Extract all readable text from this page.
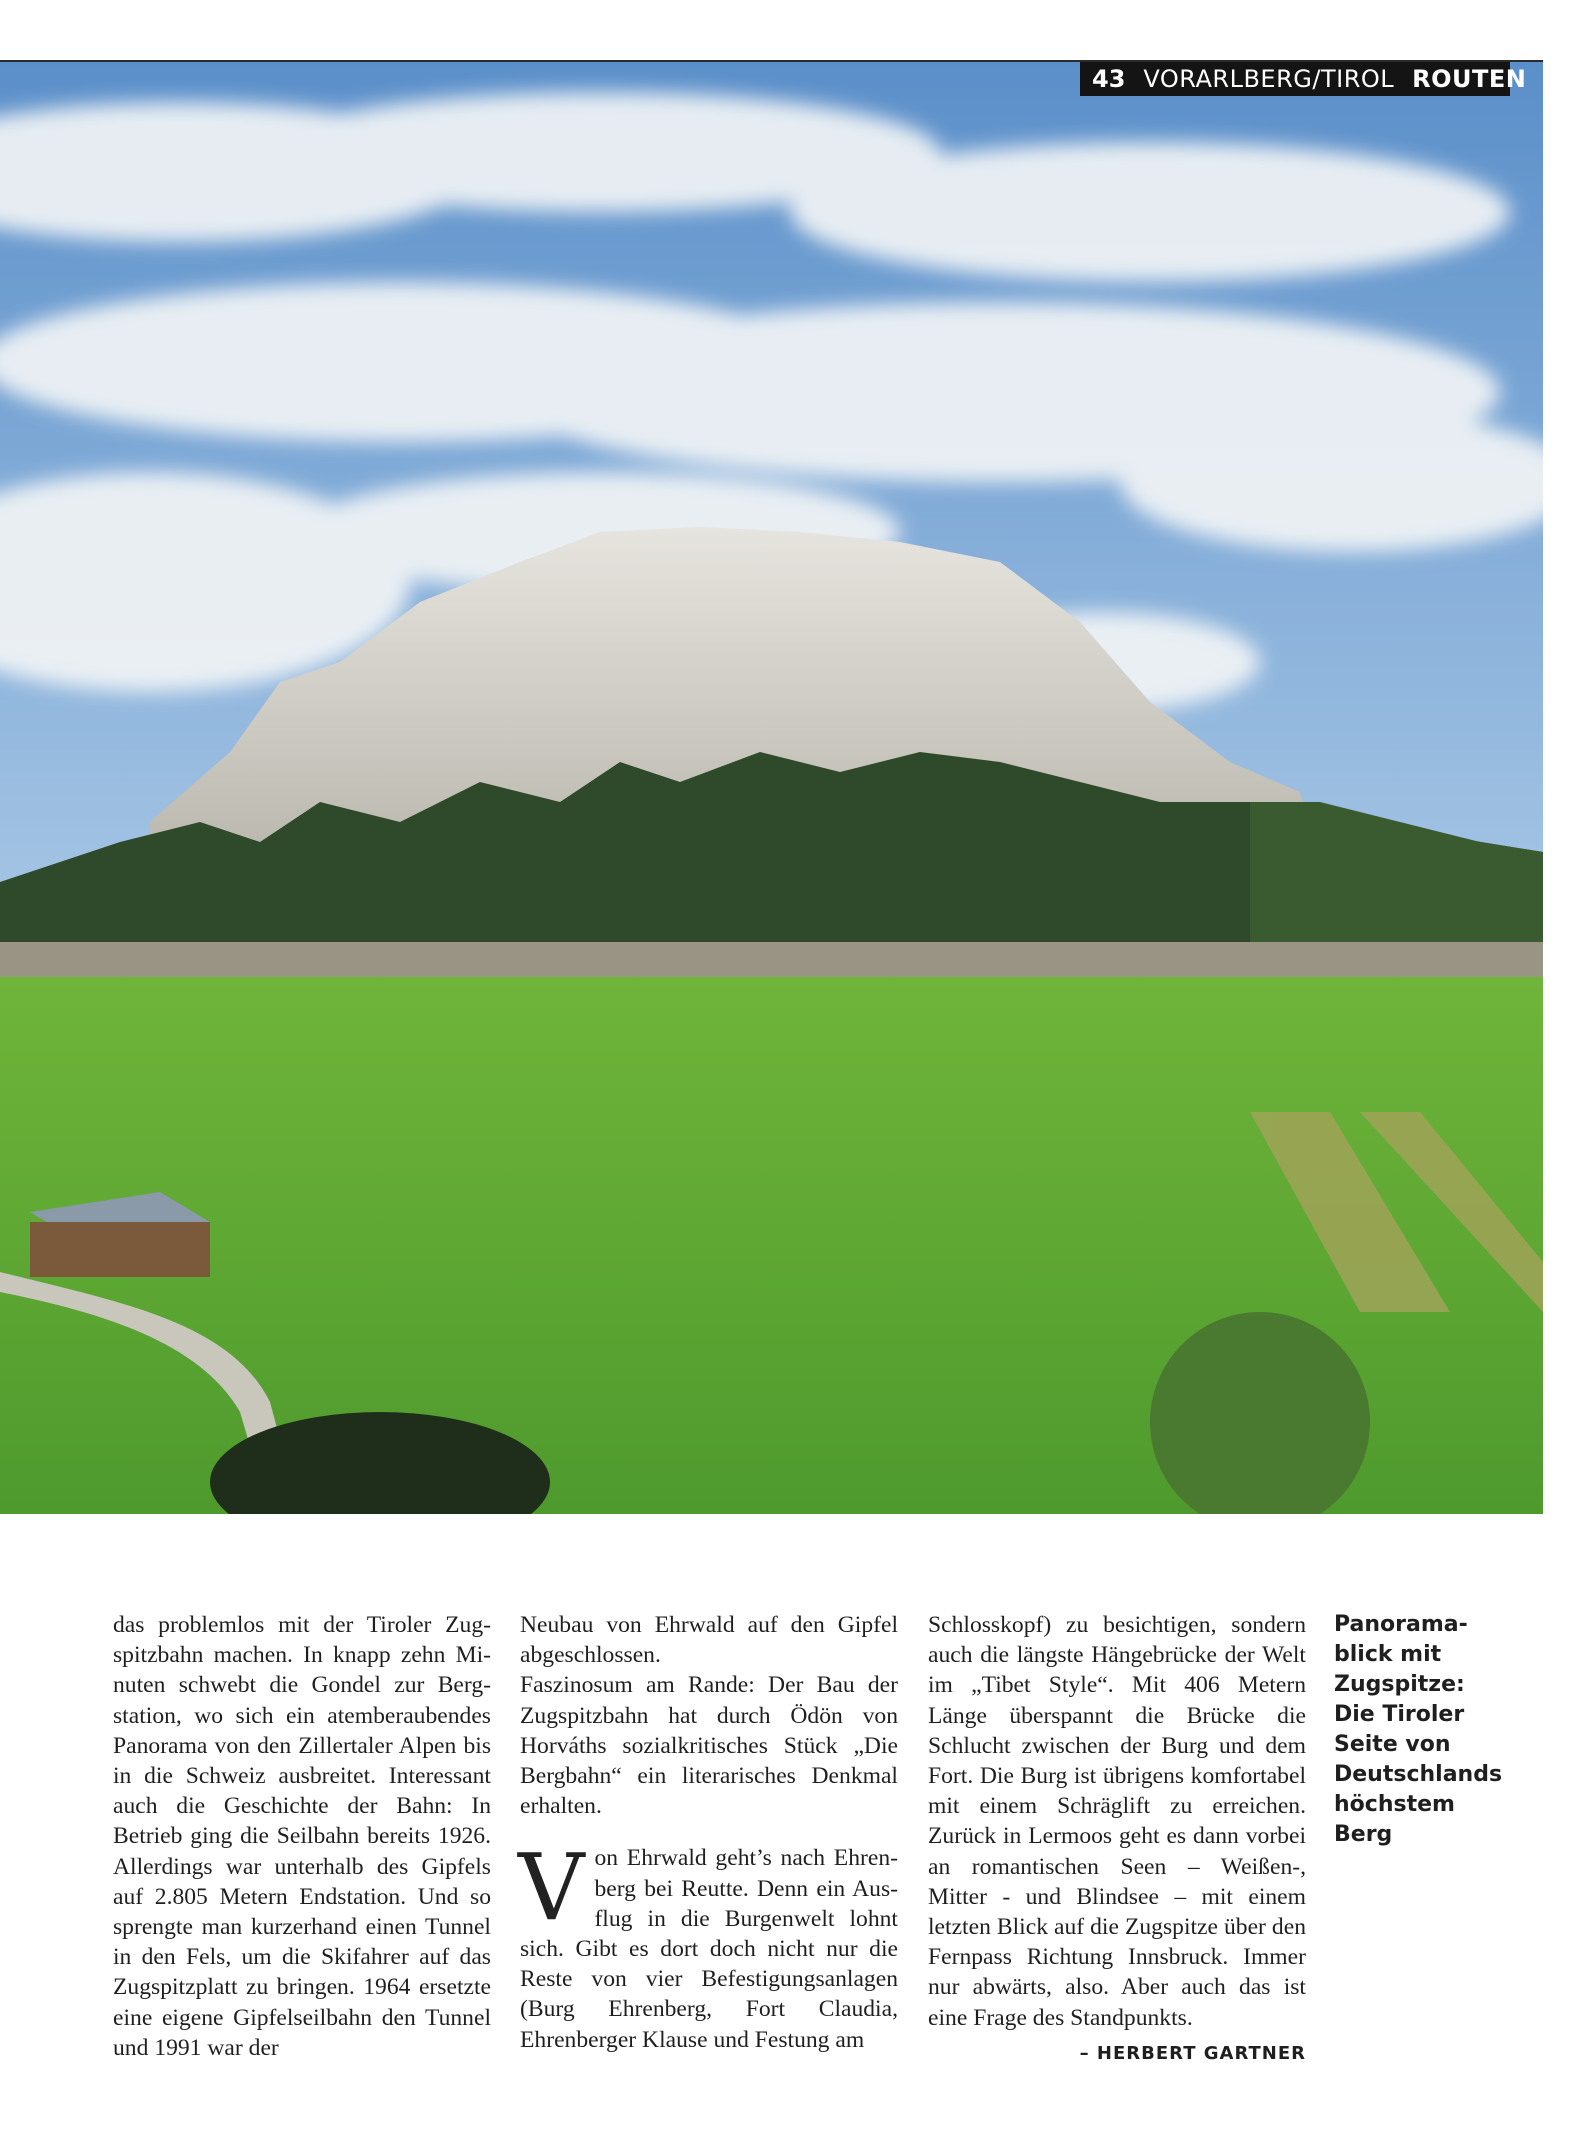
43 VORARLBERG/TIROL ROUTEN

das problemlos mit der Tiroler Zugspitzbahn machen. In knapp zehn Minuten schwebt die Gondel zur Bergstation, wo sich ein atemberaubendes Panorama von den Zillertaler Alpen bis in die Schweiz ausbreitet. Interessant auch die Geschichte der Bahn: In Betrieb ging die Seilbahn bereits 1926. Allerdings war unterhalb des Gipfels auf 2.805 Metern Endstation. Und so sprengte man kurzerhand einen Tunnel in den Fels, um die Skifahrer auf das Zugspitzplatt zu bringen. 1964 ersetzte eine eigene Gipfelseilbahn den Tunnel und 1991 war der

Neubau von Ehrwald auf den Gipfel abgeschlossen.

Faszinosum am Rande: Der Bau der Zugspitzbahn hat durch Ödön von Horváths sozialkritisches Stück „Die Bergbahn“ ein literarisches Denkmal erhalten.

Von Ehrwald geht’s nach Ehrenberg bei Reutte. Denn ein Ausflug in die Burgenwelt lohnt sich. Gibt es dort doch nicht nur die Reste von vier Befestigungsanlagen (Burg Ehrenberg, Fort Claudia, Ehrenberger Klause und Festung am

Schlosskopf) zu besichtigen, sondern auch die längste Hängebrücke der Welt im „Tibet Style“. Mit 406 Metern Länge überspannt die Brücke die Schlucht zwischen der Burg und dem Fort. Die Burg ist übrigens komfortabel mit einem Schräglift zu erreichen. Zurück in Lermoos geht es dann vorbei an romantischen Seen – Weißen-, Mitter - und Blindsee – mit einem letzten Blick auf die Zugspitze über den Fernpass Richtung Innsbruck. Immer nur abwärts, also. Aber auch das ist eine Frage des Standpunkts.

– HERBERT GARTNER
Panoramablick mit Zugspitze: Die Tiroler Seite von Deutschlands höchstem Berg
